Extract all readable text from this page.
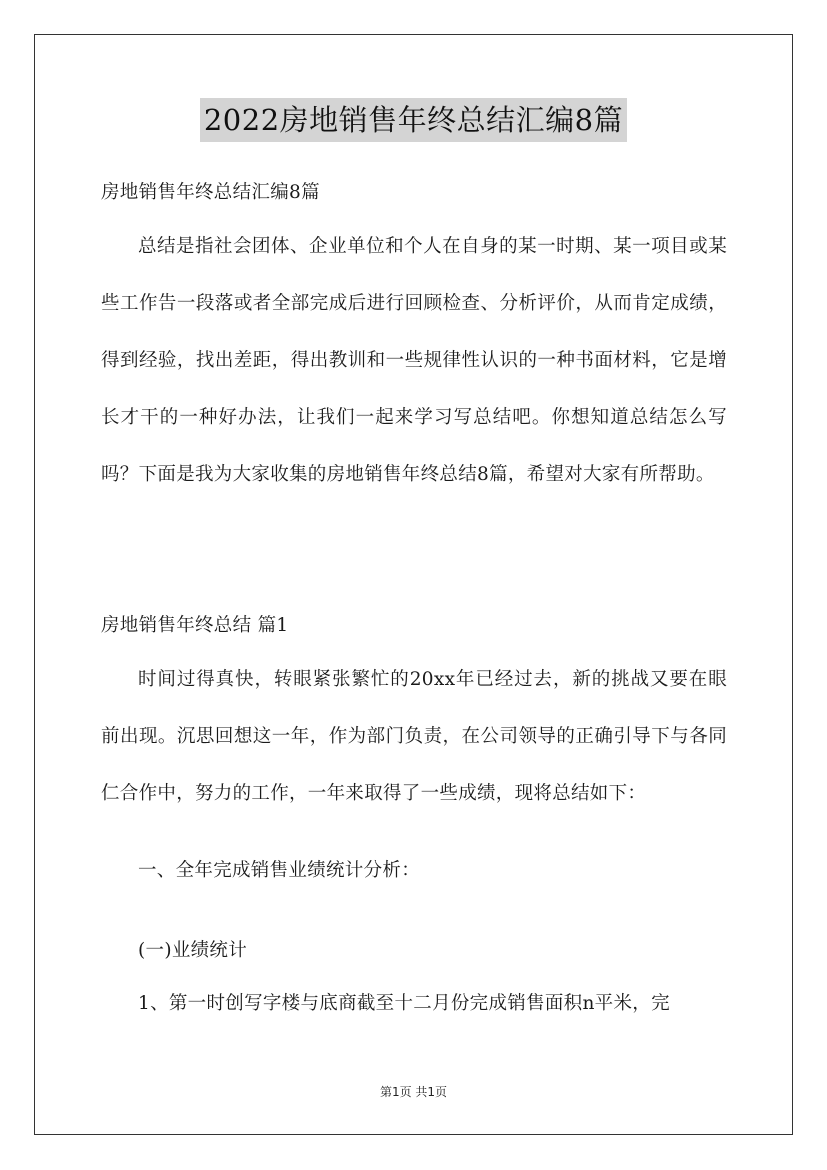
2022房地销售年终总结汇编8篇
房地销售年终总结汇编8篇
总结是指社会团体、企业单位和个人在自身的某一时期、某一项目或某些工作告一段落或者全部完成后进行回顾检查、分析评价，从而肯定成绩，得到经验，找出差距，得出教训和一些规律性认识的一种书面材料，它是增长才干的一种好办法，让我们一起来学习写总结吧。你想知道总结怎么写吗？下面是我为大家收集的房地销售年终总结8篇，希望对大家有所帮助。
房地销售年终总结 篇1
时间过得真快，转眼紧张繁忙的20xx年已经过去，新的挑战又要在眼前出现。沉思回想这一年，作为部门负责，在公司领导的正确引导下与各同仁合作中，努力的工作，一年来取得了一些成绩，现将总结如下：
一、全年完成销售业绩统计分析：
(一)业绩统计
1、第一时创写字楼与底商截至十二月份完成销售面积n平米，完
第1页 共1页
